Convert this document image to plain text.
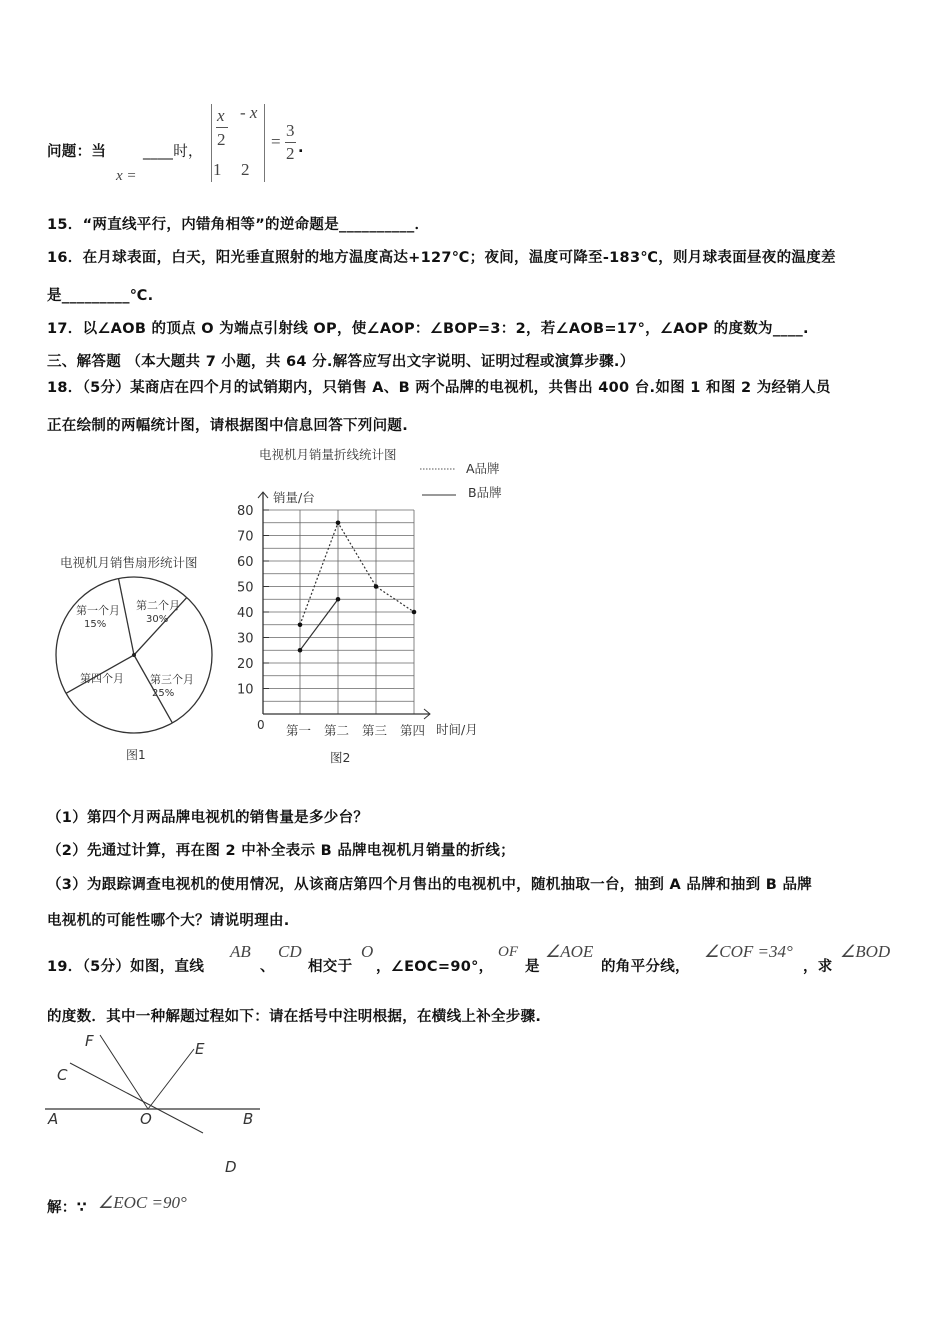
问题：当	____时，
x =
x
2
- x
1 2
=
3
2 .
15．“两直线平行，内错角相等”的逆命题是__________．
16．在月球表面，白天，阳光垂直照射的地方温度高达+127℃；夜间，温度可降至-183℃，则月球表面昼夜的温度差
是_________℃.
17．以∠AOB 的顶点 O 为端点引射线 OP，使∠AOP：∠BOP=3：2，若∠AOB=17°，∠AOP 的度数为____.
三、解答题 （本大题共 7 小题，共 64 分.解答应写出文字说明、证明过程或演算步骤.）
18．（5分）某商店在四个月的试销期内，只销售 A、B 两个品牌的电视机，共售出 400 台.如图 1 和图 2 为经销人员
正在绘制的两幅统计图，请根据图中信息回答下列问题.
电视机月销售扇形统计图
第一个月
15%
第二个月
30%
第三个月
25%
第四个月
图1
电视机月销量折线统计图
A品牌
B品牌
销量/台
0	时间/月
图2
10
20
30
40
50
60
70
80
第一 第二 第三 第四
（1）第四个月两品牌电视机的销售量是多少台？
（2）先通过计算，再在图 2 中补全表示 B 品牌电视机月销量的折线；
（3）为跟踪调查电视机的使用情况，从该商店第四个月售出的电视机中，随机抽取一台，抽到 A 品牌和抽到 B 品牌
电视机的可能性哪个大？请说明理由.
19．（5分）如图，直线
AB
、
CD
相交于
O
，∠EOC=90°，
OF
是
∠AOE
的角平分线，
∠COF =34°
，求
∠BOD
的度数．其中一种解题过程如下：请在括号中注明根据，在横线上补全步骤.
F	E
C
A	O	B
D
解：∵ ∠EOC =90°
